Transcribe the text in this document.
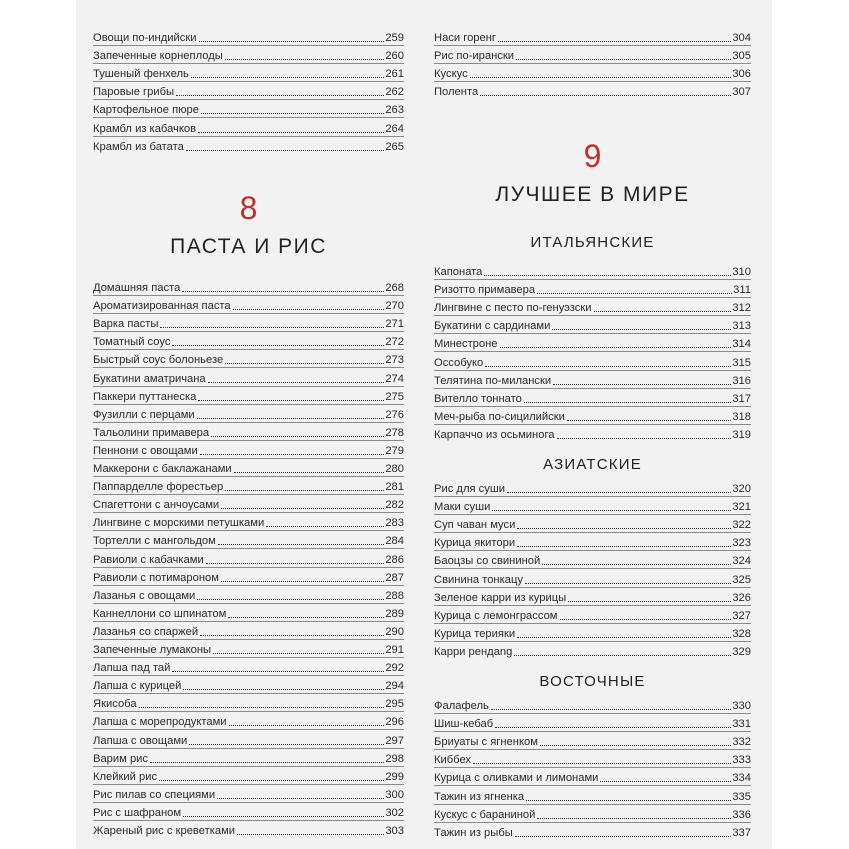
8
ПАСТА И РИС
Овощи по-индийски	259
Запеченные корнеплоды	260
Тушеный фенхель	261
Паровые грибы	262
Картофельное пюре	263
Крамбл из кабачков	264
Крамбл из батата	265
Домашняя паста	268
Ароматизированная паста	270
Варка пасты	271
Томатный соус	272
Быстрый соус болоньезе	273
Букатини аматричана	274
Паккери путтанеска	275
Фузилли с перцами	276
Тальолини примавера	278
Пеннони с овощами	279
Маккерони с баклажанами	280
Паппарделле форестьер	281
Спагеттони с анчоусами	282
Лингвине с морскими петушками	283
Тортелли с мангольдом	284
Равиоли с кабачками	286
Равиоли с потимароном	287
Лазанья с овощами	288
Каннеллони со шпинатом	289
Лазанья со спаржей	290
Запеченные лумаконы	291
Лапша пад тай	292
Лапша с курицей	294
Якисоба	295
Лапша с морепродуктами	296
Лапша с овощами	297
Варим рис	298
Клейкий рис	299
Рис пилав со специями	300
Рис с шафраном	302
Жареный рис с креветками	303
9
ЛУЧШЕЕ В МИРЕ
ИТАЛЬЯНСКИЕ
АЗИАТСКИЕ
ВОСТОЧНЫЕ
Наси горенг	304
Рис по-ирански	305
Кускус	306
Полента	307
Капоната	310
Ризотто примавера	311
Лингвине с песто по-генуэзски	312
Букатини с сардинами	313
Минестроне	314
Оссобуко	315
Телятина по-милански	316
Вителло тоннато	317
Меч-рыба по-сицилийски	318
Карпаччо из осьминога	319
Рис для суши	320
Маки суши	321
Суп чаван муси	322
Курица якитори	323
Баоцзы со свининой	324
Свинина тонкацу	325
Зеленое карри из курицы	326
Курица с лемонграссом	327
Курица терияки	328
Карри рендаng	329
Фалафель	330
Шиш-кебаб	331
Бриуаты с ягненком	332
Киббех	333
Курица с оливками и лимонами	334
Тажин из ягненка	335
Кускус с бараниной	336
Тажин из рыбы	337
